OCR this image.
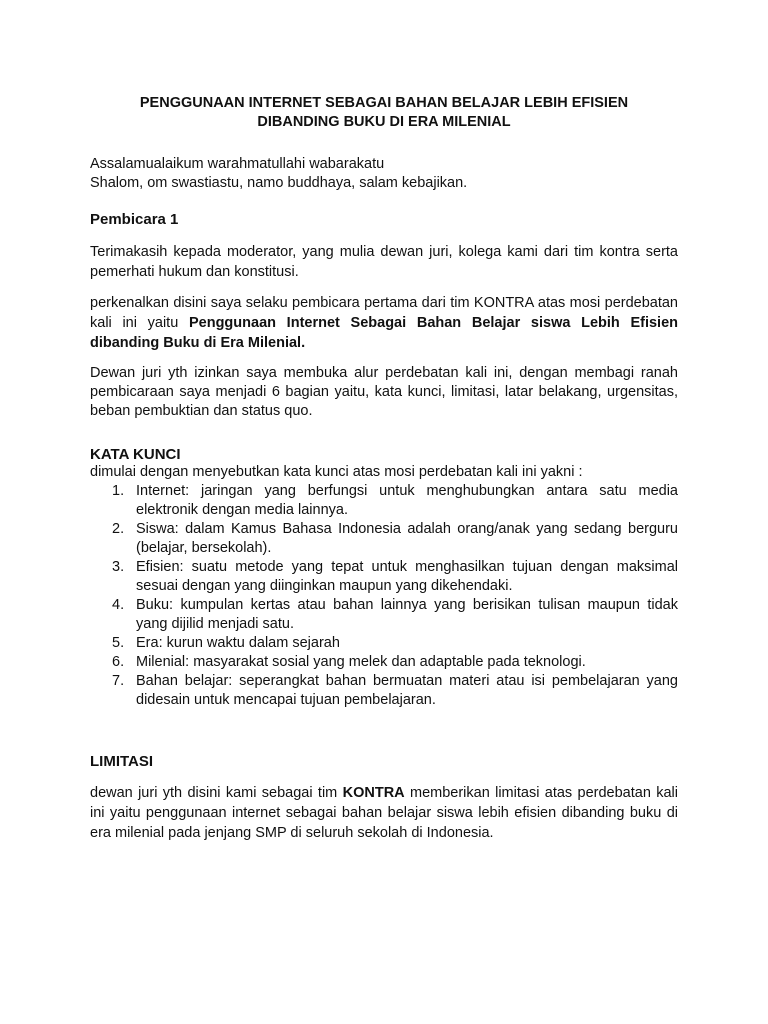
PENGGUNAAN INTERNET SEBAGAI BAHAN BELAJAR LEBIH EFISIEN
DIBANDING BUKU DI ERA MILENIAL
Assalamualaikum warahmatullahi wabarakatu
Shalom, om swastiastu, namo buddhaya, salam kebajikan.
Pembicara 1
Terimakasih kepada moderator, yang mulia dewan juri, kolega kami dari tim kontra serta pemerhati hukum dan konstitusi.
perkenalkan disini saya selaku pembicara pertama dari tim KONTRA atas mosi perdebatan kali ini yaitu Penggunaan Internet Sebagai Bahan Belajar siswa Lebih Efisien dibanding Buku di Era Milenial.
Dewan juri yth izinkan saya membuka alur perdebatan kali ini, dengan membagi ranah pembicaraan saya menjadi 6 bagian yaitu, kata kunci, limitasi, latar belakang, urgensitas, beban pembuktian dan status quo.
KATA KUNCI
dimulai dengan menyebutkan kata kunci atas mosi perdebatan kali ini yakni :
1. Internet: jaringan yang berfungsi untuk menghubungkan antara satu media elektronik dengan media lainnya.
2. Siswa: dalam Kamus Bahasa Indonesia adalah orang/anak yang sedang berguru (belajar, bersekolah).
3. Efisien: suatu metode yang tepat untuk menghasilkan tujuan dengan maksimal sesuai dengan yang diinginkan maupun yang dikehendaki.
4. Buku: kumpulan kertas atau bahan lainnya yang berisikan tulisan maupun tidak yang dijilid menjadi satu.
5. Era: kurun waktu dalam sejarah
6. Milenial: masyarakat sosial yang melek dan adaptable pada teknologi.
7. Bahan belajar: seperangkat bahan bermuatan materi atau isi pembelajaran yang didesain untuk mencapai tujuan pembelajaran.
LIMITASI
dewan juri yth disini kami sebagai tim KONTRA memberikan limitasi atas perdebatan kali ini yaitu penggunaan internet sebagai bahan belajar siswa lebih efisien dibanding buku di era milenial pada jenjang SMP di seluruh sekolah di Indonesia.
